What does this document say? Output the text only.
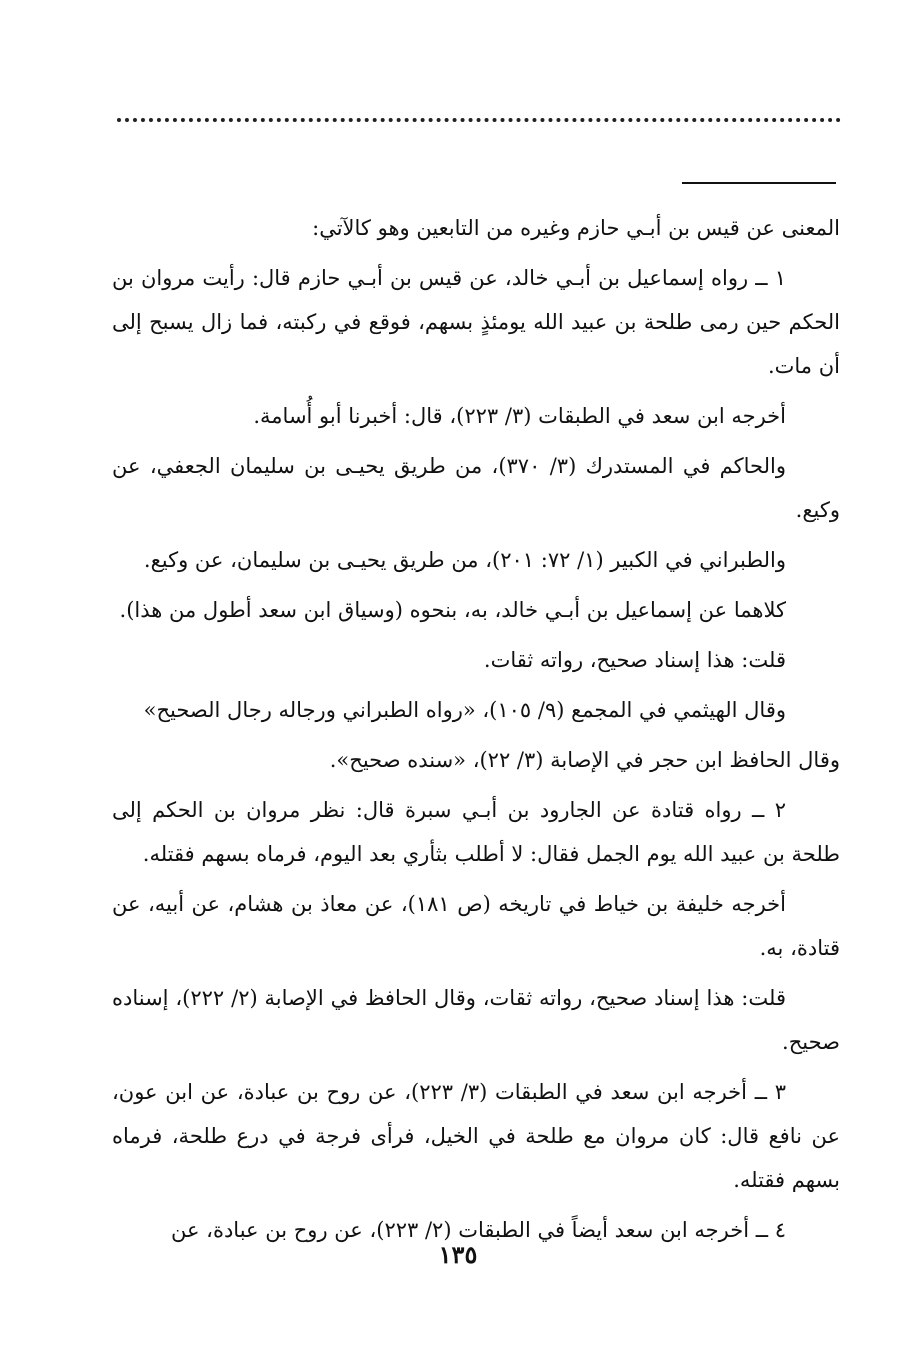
المعنى عن قيس بن أبـي حازم وغيره من التابعين وهو كالآتي:

١ ــ رواه إسماعيل بن أبـي خالد، عن قيس بن أبـي حازم قال: رأيت مروان بن الحكم حين رمى طلحة بن عبيد الله يومئذٍ بسهم، فوقع في ركبته، فما زال يسبح إلى أن مات.

أخرجه ابن سعد في الطبقات (٣/ ٢٢٣)، قال: أخبرنا أبو أُسامة.

والحاكم في المستدرك (٣/ ٣٧٠)، من طريق يحيـى بن سليمان الجعفي، عن وكيع.

والطبراني في الكبير (١/ ٧٢: ٢٠١)، من طريق يحيـى بن سليمان، عن وكيع.

كلاهما عن إسماعيل بن أبـي خالد، به، بنحوه (وسياق ابن سعد أطول من هذا).

قلت: هذا إسناد صحيح، رواته ثقات.

وقال الهيثمي في المجمع (٩/ ١٠٥)، «رواه الطبراني ورجاله رجال الصحيح»

وقال الحافظ ابن حجر في الإصابة (٣/ ٢٢)، «سنده صحيح».

٢ ــ رواه قتادة عن الجارود بن أبـي سبرة قال: نظر مروان بن الحكم إلى طلحة بن عبيد الله يوم الجمل فقال: لا أطلب بثأري بعد اليوم، فرماه بسهم فقتله.

أخرجه خليفة بن خياط في تاريخه (ص ١٨١)، عن معاذ بن هشام، عن أبيه، عن قتادة، به.

قلت: هذا إسناد صحيح، رواته ثقات، وقال الحافظ في الإصابة (٢/ ٢٢٢)، إسناده صحيح.

٣ ــ أخرجه ابن سعد في الطبقات (٣/ ٢٢٣)، عن روح بن عبادة، عن ابن عون، عن نافع قال: كان مروان مع طلحة في الخيل، فرأى فرجة في درع طلحة، فرماه بسهم فقتله.

٤ ــ أخرجه ابن سعد أيضاً في الطبقات (٢/ ٢٢٣)، عن روح بن عبادة، عن

١٣٥
